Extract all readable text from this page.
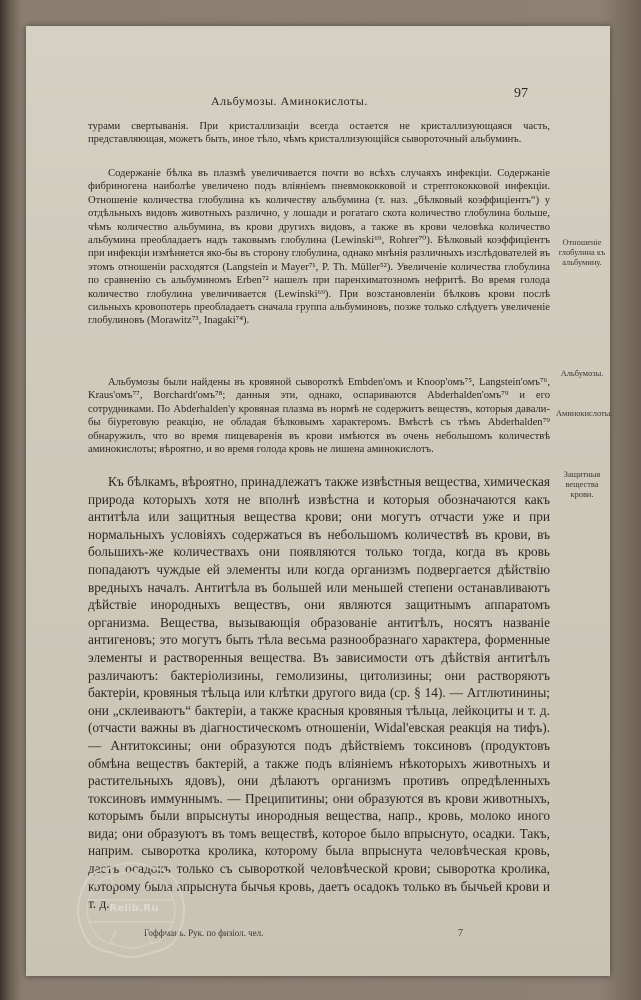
Альбумозы. Аминокислоты.	97

турами свертыванія. При кристаллизаціи всегда остается не кристаллизующаяся часть, представляющая, можетъ быть, иное тѣло, чѣмъ кристаллизующійся сывороточный альбуминъ.

Содержаніе бѣлка въ плазмѣ увеличивается почти во всѣхъ случаяхъ инфекціи. Содержаніе фибриногена наиболѣе увеличено подъ вліяніемъ пневмококковой и стрептококковой инфекціи. Отношеніе количества глобулина къ количеству альбумина (т. наз. „бѣлковый коэффиціентъ“) у отдѣльныхъ видовъ животныхъ различно, у лошади и рогатаго скота количество глобулина больше, чѣмъ количество альбумина, въ крови другихъ видовъ, а также въ крови человѣка количество альбумина преобладаетъ надъ таковымъ глобулина (Lewinski⁶⁹, Rohrer⁷⁰). Бѣлковый коэффиціентъ при инфекціи измѣняется яко-бы въ сторону глобулина, однако мнѣнія различныхъ изслѣдователей въ этомъ отношеніи расходятся (Langstein и Mayer⁷¹, P. Th. Müller⁵²). Увеличеніе количества глобулина по сравненію съ альбуминомъ Erben⁷² нашелъ при паренхиматозномъ нефритѣ. Во время голода количество глобулина увеличивается (Lewinski⁶⁹). При возстановленіи бѣлковъ крови послѣ сильныхъ кровопотерь преобладаетъ сначала группа альбуминовъ, позже только слѣдуетъ увеличеніе глобулиновъ (Morawitz⁷³, Inagaki⁷⁴).

Альбумозы были найдены въ кровяной сывороткѣ Embden'омъ и Knoop'омъ⁷⁵, Langstein'омъ⁷⁶, Kraus'омъ⁷⁷, Borchardt'омъ⁷⁸; данныя эти, однако, оспариваются Abderhalden'омъ⁷⁹ и его сотрудниками. По Abderhalden'у кровяная плазма въ нормѣ не содержитъ веществъ, которыя давали-бы біуретовую реакцію, не обладая бѣлковымъ характеромъ. Вмѣстѣ съ тѣмъ Abderhalden⁷⁹ обнаружилъ, что во время пищеваренія въ крови имѣются въ очень небольшомъ количествѣ аминокислоты; вѣроятно, и во время голода кровь не лишена аминокислотъ.

Къ бѣлкамъ, вѣроятно, принадлежатъ также извѣстныя вещества, химическая природа которыхъ хотя не вполнѣ извѣстна и которыя обозначаются какъ антитѣла или защитныя вещества крови; они могутъ отчасти уже и при нормальныхъ условіяхъ содержаться въ небольшомъ количествѣ въ крови, въ большихъ-же количествахъ они появляются только тогда, когда въ кровь попадаютъ чуждые ей элементы или когда организмъ подвергается дѣйствію вредныхъ началъ. Антитѣла въ большей или меньшей степени останавливаютъ дѣйствіе инородныхъ веществъ, они являются защитнымъ аппаратомъ организма. Вещества, вызывающія образованіе антитѣлъ, носятъ названіе антигеновъ; это могутъ быть тѣла весьма разнообразнаго характера, форменные элементы и растворенныя вещества. Въ зависимости отъ дѣйствія антитѣлъ различаютъ: бактеріолизины, гемолизины, цитолизины; они растворяютъ бактеріи, кровяныя тѣльца или клѣтки другого вида (ср. § 14). — Агглютинины; они „склеиваютъ“ бактеріи, а также красныя кровяныя тѣльца, лейкоциты и т. д. (отчасти важны въ діагностическомъ отношеніи, Widal'евская реакція на тифъ). — Антитоксины; они образуются подъ дѣйствіемъ токсиновъ (продуктовъ обмѣна веществъ бактерій, а также подъ вліяніемъ нѣкоторыхъ животныхъ и растительныхъ ядовъ), они дѣлаютъ организмъ противъ опредѣленныхъ токсиновъ иммуннымъ. — Преципитины; они образуются въ крови животныхъ, которымъ были впрыснуты инородныя вещества, напр., кровь, молоко иного вида; они образуютъ въ томъ веществѣ, которое было впрыснуто, осадки. Такъ, наприм. сыворотка кролика, которому была впрыснута человѣческая кровь, даетъ осадокъ только съ сывороткой человѣческой крови; сыворотка кролика, которому была впрыснута бычья кровь, даетъ осадокъ только въ бычьей крови и т. д.

Отношеніе глобулина къ альбумину.
Альбумозы.
Аминокислоты.
Защитныя вещества крови.
Гоффманъ. Рук. по физіол. чел.	7
Relib.Ru
